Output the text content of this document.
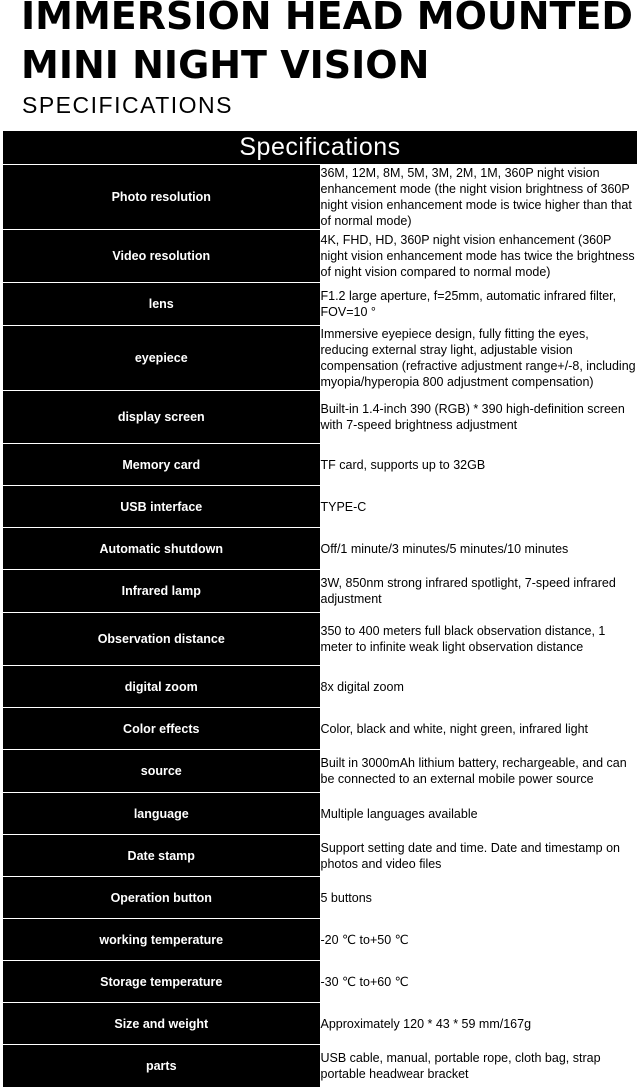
IMMERSION HEAD MOUNTED
MINI NIGHT VISION
SPECIFICATIONS
Specifications	
Photo resolution	36M, 12M, 8M, 5M, 3M, 2M, 1M, 360P night vision enhancement mode (the night vision brightness of 360P night vision enhancement mode is twice higher than that of normal mode)
Video resolution	4K, FHD, HD, 360P night vision enhancement (360P night vision enhancement mode has twice the brightness of night vision compared to normal mode)
lens	F1.2 large aperture, f=25mm, automatic infrared filter, FOV=10 °
eyepiece	Immersive eyepiece design, fully fitting the eyes, reducing external stray light, adjustable vision compensation (refractive adjustment range+/-8, including myopia/hyperopia 800 adjustment compensation)
display screen	Built-in 1.4-inch 390 (RGB) * 390 high-definition screen with 7-speed brightness adjustment
Memory card	TF card, supports up to 32GB
USB interface	TYPE-C
Automatic shutdown	Off/1 minute/3 minutes/5 minutes/10 minutes
Infrared lamp	3W, 850nm strong infrared spotlight, 7-speed infrared adjustment
Observation distance	350 to 400 meters full black observation distance, 1 meter to infinite weak light observation distance
digital zoom	8x digital zoom
Color effects	Color, black and white, night green, infrared light
source	Built in 3000mAh lithium battery, rechargeable, and can be connected to an external mobile power source
language	Multiple languages available
Date stamp	Support setting date and time. Date and timestamp on photos and video files
Operation button	5 buttons
working temperature	-20 ℃ to+50 ℃
Storage temperature	-30 ℃ to+60 ℃
Size and weight	Approximately 120 * 43 * 59 mm/167g
parts	USB cable, manual, portable rope, cloth bag, strap portable headwear bracket
